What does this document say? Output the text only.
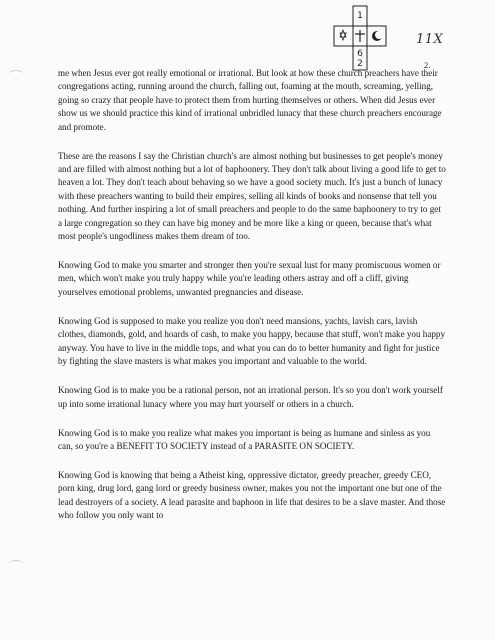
1
6
2
11X
2.

me when Jesus ever got really emotional or irrational. But look at how these church preachers have their congregations acting, running around the church, falling out, foaming at the mouth, screaming, yelling, going so crazy that people have to protect them from hurting themselves or others. When did Jesus ever show us we should practice this kind of irrational unbridled lunacy that these church preachers encourage and promote.

These are the reasons I say the Christian church's are almost nothing but businesses to get people's money and are filled with almost nothing but a lot of baphoonery. They don't talk about living a good life to get to heaven a lot. They don't teach about behaving so we have a good society much. It's just a bunch of lunacy with these preachers wanting to build their empires, selling all kinds of books and nonsense that tell you nothing. And further inspiring a lot of small preachers and people to do the same baphoonery to try to get a large congregation so they can have big money and be more like a king or queen, because that's what most people's ungodliness makes them dream of too.

Knowing God to make you smarter and stronger then you're sexual lust for many promiscuous women or men, which won't make you truly happy while you're leading others astray and off a cliff, giving yourselves emotional problems, unwanted pregnancies and disease.

Knowing God is supposed to make you realize you don't need mansions, yachts, lavish cars, lavish clothes, diamonds, gold, and hoards of cash, to make you happy, because that stuff, won't make you happy anyway. You have to live in the middle tops, and what you can do to better humanity and fight for justice by fighting the slave masters is what makes you important and valuable to the world.

Knowing God is to make you be a rational person, not an irrational person. It's so you don't work yourself up into some irrational lunacy where you may hurt yourself or others in a church.

Knowing God is to make you realize what makes you important is being as humane and sinless as you can, so you're a BENEFIT TO SOCIETY instead of a PARASITE ON SOCIETY.

Knowing God is knowing that being a Atheist king, oppressive dictator, greedy preacher, greedy CEO, porn king, drug lord, gang lord or greedy business owner, makes you not the important one but one of the lead destroyers of a society. A lead parasite and baphoon in life that desires to be a slave master. And those who follow you only want to
